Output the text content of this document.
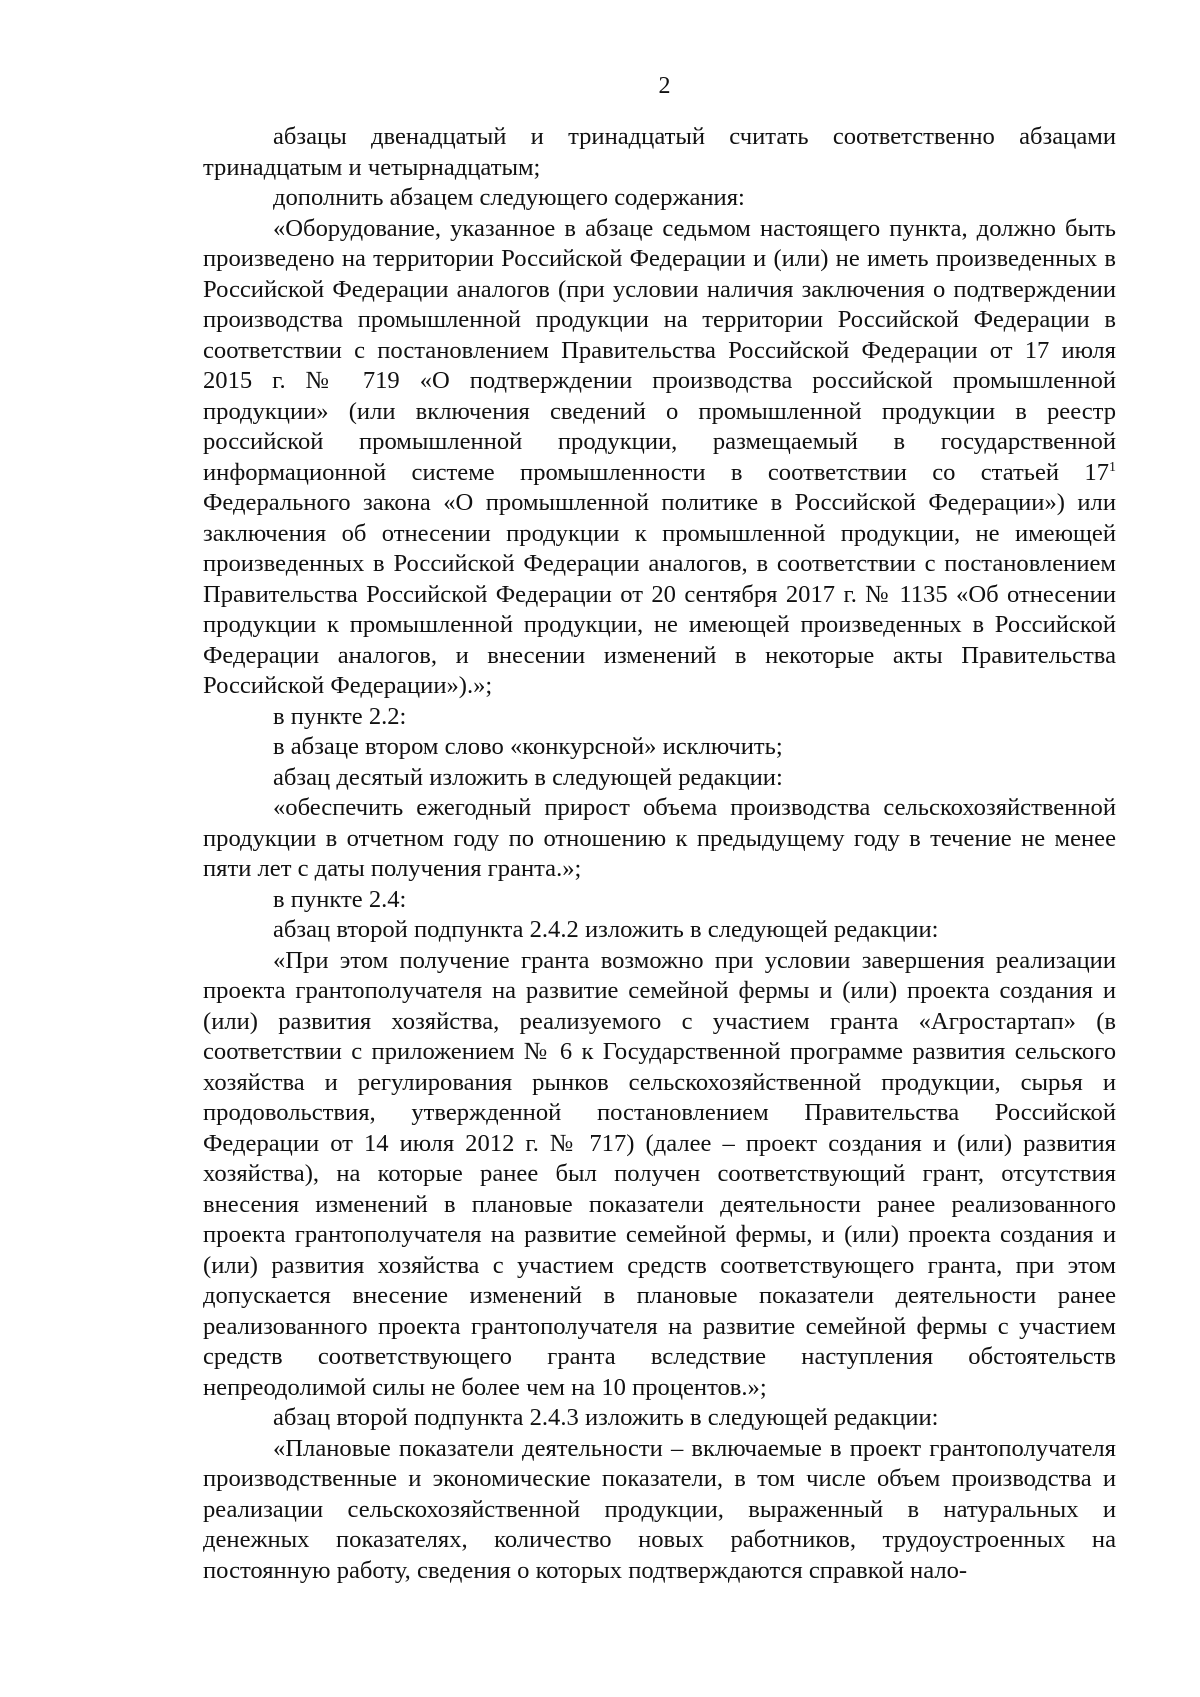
2

абзацы двенадцатый и тринадцатый считать соответственно абзацами тринадцатым и четырнадцатым;

дополнить абзацем следующего содержания:

«Оборудование, указанное в абзаце седьмом настоящего пункта, должно быть произведено на территории Российской Федерации и (или) не иметь произведенных в Российской Федерации аналогов (при условии наличия заключения о подтверждении производства промышленной продукции на территории Российской Федерации в соответствии с постановлением Правительства Российской Федерации от 17 июля 2015 г. № 719 «О подтверждении производства российской промышленной продукции» (или включения сведений о промышленной продукции в реестр российской промышленной продукции, размещаемый в государственной информационной системе промышленности в соответствии со статьей $17^1$ Федерального закона «О промышленной политике в Российской Федерации») или заключения об отнесении продукции к промышленной продукции, не имеющей произведенных в Российской Федерации аналогов, в соответствии с постановлением Правительства Российской Федерации от 20 сентября 2017 г. № 1135 «Об отнесении продукции к промышленной продукции, не имеющей произведенных в Российской Федерации аналогов, и внесении изменений в некоторые акты Правительства Российской Федерации»).»;

в пункте 2.2:

в абзаце втором слово «конкурсной» исключить;

абзац десятый изложить в следующей редакции:

«обеспечить ежегодный прирост объема производства сельскохозяйственной продукции в отчетном году по отношению к предыдущему году в течение не менее пяти лет с даты получения гранта.»;

в пункте 2.4:

абзац второй подпункта 2.4.2 изложить в следующей редакции:

«При этом получение гранта возможно при условии завершения реализации проекта грантополучателя на развитие семейной фермы и (или) проекта создания и (или) развития хозяйства, реализуемого с участием гранта «Агростартап» (в соответствии с приложением № 6 к Государственной программе развития сельского хозяйства и регулирования рынков сельскохозяйственной продукции, сырья и продовольствия, утвержденной постановлением Правительства Российской Федерации от 14 июля 2012 г. № 717) (далее – проект создания и (или) развития хозяйства), на которые ранее был получен соответствующий грант, отсутствия внесения изменений в плановые показатели деятельности ранее реализованного проекта грантополучателя на развитие семейной фермы, и (или) проекта создания и (или) развития хозяйства с участием средств соответствующего гранта, при этом допускается внесение изменений в плановые показатели деятельности ранее реализованного проекта грантополучателя на развитие семейной фермы с участием средств соответствующего гранта вследствие наступления обстоятельств непреодолимой силы не более чем на 10 процентов.»;

абзац второй подпункта 2.4.3 изложить в следующей редакции:

«Плановые показатели деятельности – включаемые в проект грантополучателя производственные и экономические показатели, в том числе объем производства и реализации сельскохозяйственной продукции, выраженный в натуральных и денежных показателях, количество новых работников, трудоустроенных на постоянную работу, сведения о которых подтверждаются справкой нало-
